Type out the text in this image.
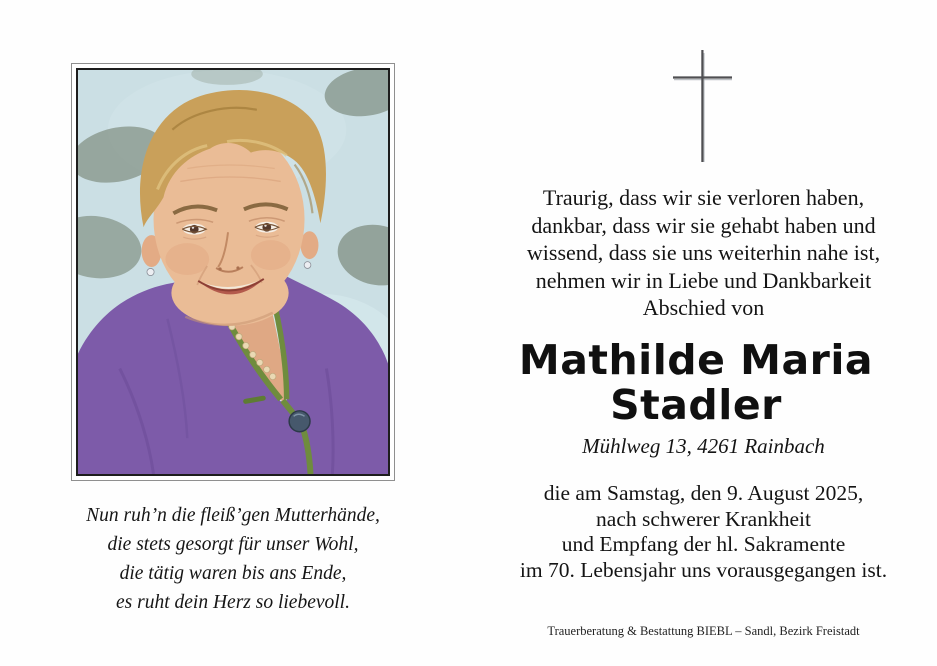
Nun ruh’n die fleiß’gen Mutterhände,
die stets gesorgt für unser Wohl,
die tätig waren bis ans Ende,
es ruht dein Herz so liebevoll.
Traurig, dass wir sie verloren haben,
dankbar, dass wir sie gehabt haben und
wissend, dass sie uns weiterhin nahe ist,
nehmen wir in Liebe und Dankbarkeit
Abschied von
Mathilde Maria
Stadler
Mühlweg 13, 4261 Rainbach
die am Samstag, den 9. August 2025,
nach schwerer Krankheit
und Empfang der hl. Sakramente
im 70. Lebensjahr uns vorausgegangen ist.
Trauerberatung & Bestattung BIEBL – Sandl, Bezirk Freistadt
